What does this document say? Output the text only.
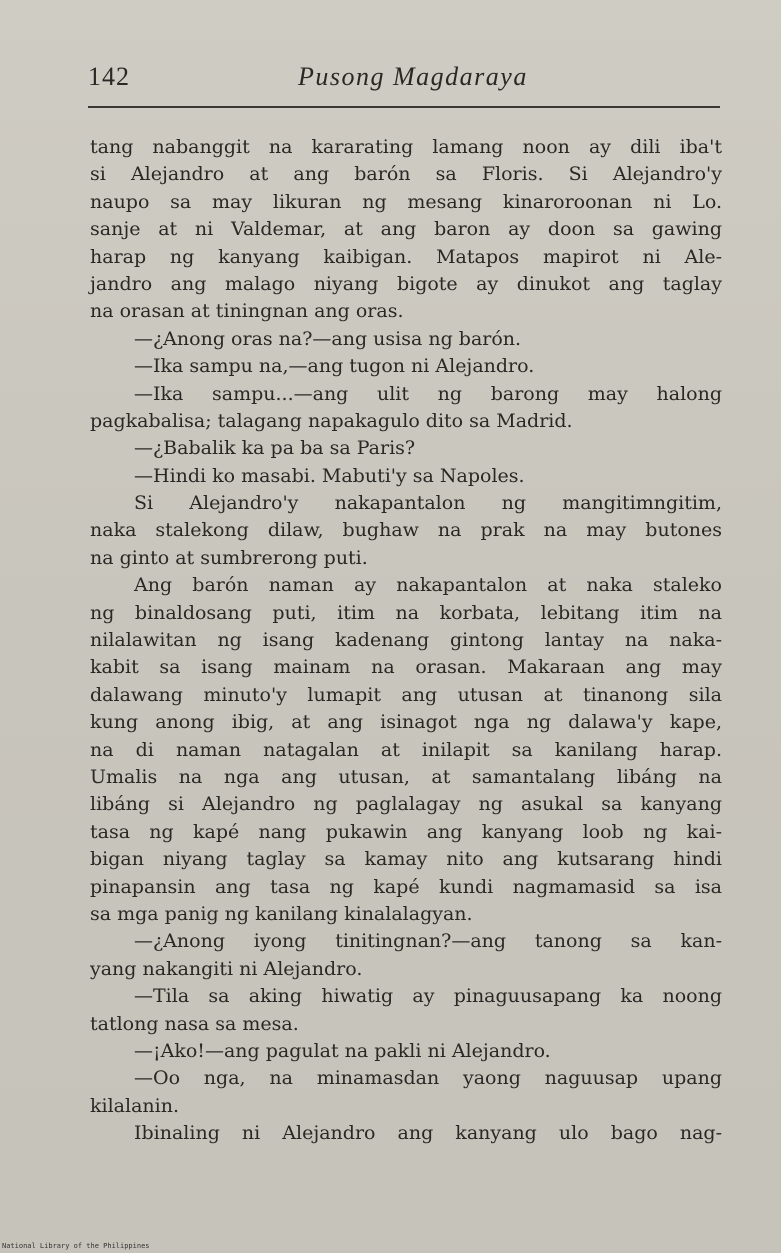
142	Pusong Magdaraya
tang nabanggit na kararating lamang noon ay dili iba't
si Alejandro at ang barón sa Floris. Si Alejandro'y
naupo sa may likuran ng mesang kinaroroonan ni Lo.
sanje at ni Valdemar, at ang baron ay doon sa gawing
harap ng kanyang kaibigan. Matapos mapirot ni Ale-
jandro ang malago niyang bigote ay dinukot ang taglay
na orasan at tiningnan ang oras.
—¿Anong oras na?—ang usisa ng barón.
—Ika sampu na,—ang tugon ni Alejandro.
—Ika sampu...—ang ulit ng barong may halong
pagkabalisa; talagang napakagulo dito sa Madrid.
—¿Babalik ka pa ba sa Paris?
—Hindi ko masabi. Mabuti'y sa Napoles.
Si Alejandro'y nakapantalon ng mangitimngitim,
naka stalekong dilaw, bughaw na prak na may butones
na ginto at sumbrerong puti.
Ang barón naman ay nakapantalon at naka staleko
ng binaldosang puti, itim na korbata, lebitang itim na
nilalawitan ng isang kadenang gintong lantay na naka-
kabit sa isang mainam na orasan. Makaraan ang may
dalawang minuto'y lumapit ang utusan at tinanong sila
kung anong ibig, at ang isinagot nga ng dalawa'y kape,
na di naman natagalan at inilapit sa kanilang harap.
Umalis na nga ang utusan, at samantalang libáng na
libáng si Alejandro ng paglalagay ng asukal sa kanyang
tasa ng kapé nang pukawin ang kanyang loob ng kai-
bigan niyang taglay sa kamay nito ang kutsarang hindi
pinapansin ang tasa ng kapé kundi nagmamasid sa isa
sa mga panig ng kanilang kinalalagyan.
—¿Anong iyong tinitingnan?—ang tanong sa kan-
yang nakangiti ni Alejandro.
—Tila sa aking hiwatig ay pinaguusapang ka noong
tatlong nasa sa mesa.
—¡Ako!—ang pagulat na pakli ni Alejandro.
—Oo nga, na minamasdan yaong naguusap upang
kilalanin.
Ibinaling ni Alejandro ang kanyang ulo bago nag-
National Library of the Philippines
